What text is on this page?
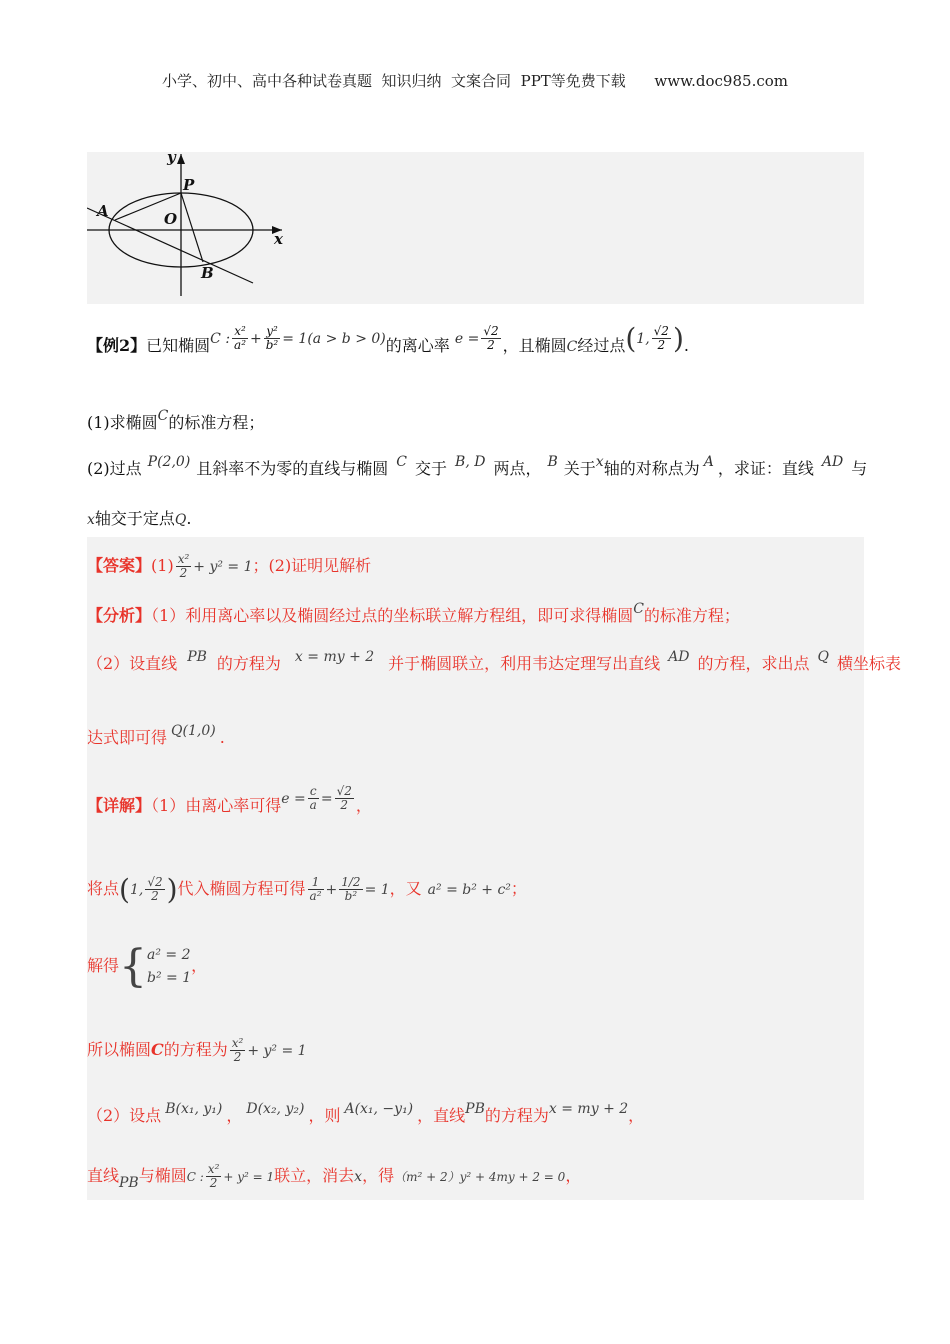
小学、初中、高中各种试卷真题  知识归纳  文案合同  PPT等免费下载      www.doc985.com
y
x
P
O
A
B
【例2】已知椭圆C : $\frac{\text{x²}}{\text{a²}} + \frac{\text{y²}}{\text{b²}} = 1(a > b > 0)$的离心率 $e = \frac{√2}{2}$ ，且椭圆C经过点(1, $\frac{√2}{2}$ ).
(1)求椭圆C的标准方程；
(2)过点 P(2,0) 且斜率不为零的直线与椭圆 C 交于 B, D 两点， B 关于x轴的对称点为 A ，求证：直线 AD 与
x轴交于定点Q.
【答案】$(1) \frac{\text{x²}}{2} + y^2 = 1$；(2)证明见解析
【分析】（1）利用离心率以及椭圆经过点的坐标联立解方程组，即可求得椭圆C的标准方程；
（2）设直线 PB 的方程为 x = my + 2 并于椭圆联立，利用韦达定理写出直线 AD 的方程，求出点 Q 横坐标表
达式即可得 Q(1,0) .
【详解】（1）由离心率可得$e = \frac{c}{a} = \frac{√2}{2}$ ，
将点(1, $\frac{√2}{2}$ )代入椭圆方程可得 $\frac{1}{\text{a²}} + \frac{1/2}{\text{b²}} = 1$，又 a² = b² + c²；
解得{ a² = 2
b² = 1
，
所以椭圆C的方程为 $\frac{\text{x²}}{2} + y^2 = 1$
（2）设点 B(x₁, y₁) ， D(x₂, y₂) ，则 A(x₁, −y₁) ，直线PB的方程为x = my + 2，
直线PB与椭圆C : $\frac{\text{x²}}{2} + y^2 = 1$联立，消去x，得（m² + 2）y² + 4my + 2 = 0，
